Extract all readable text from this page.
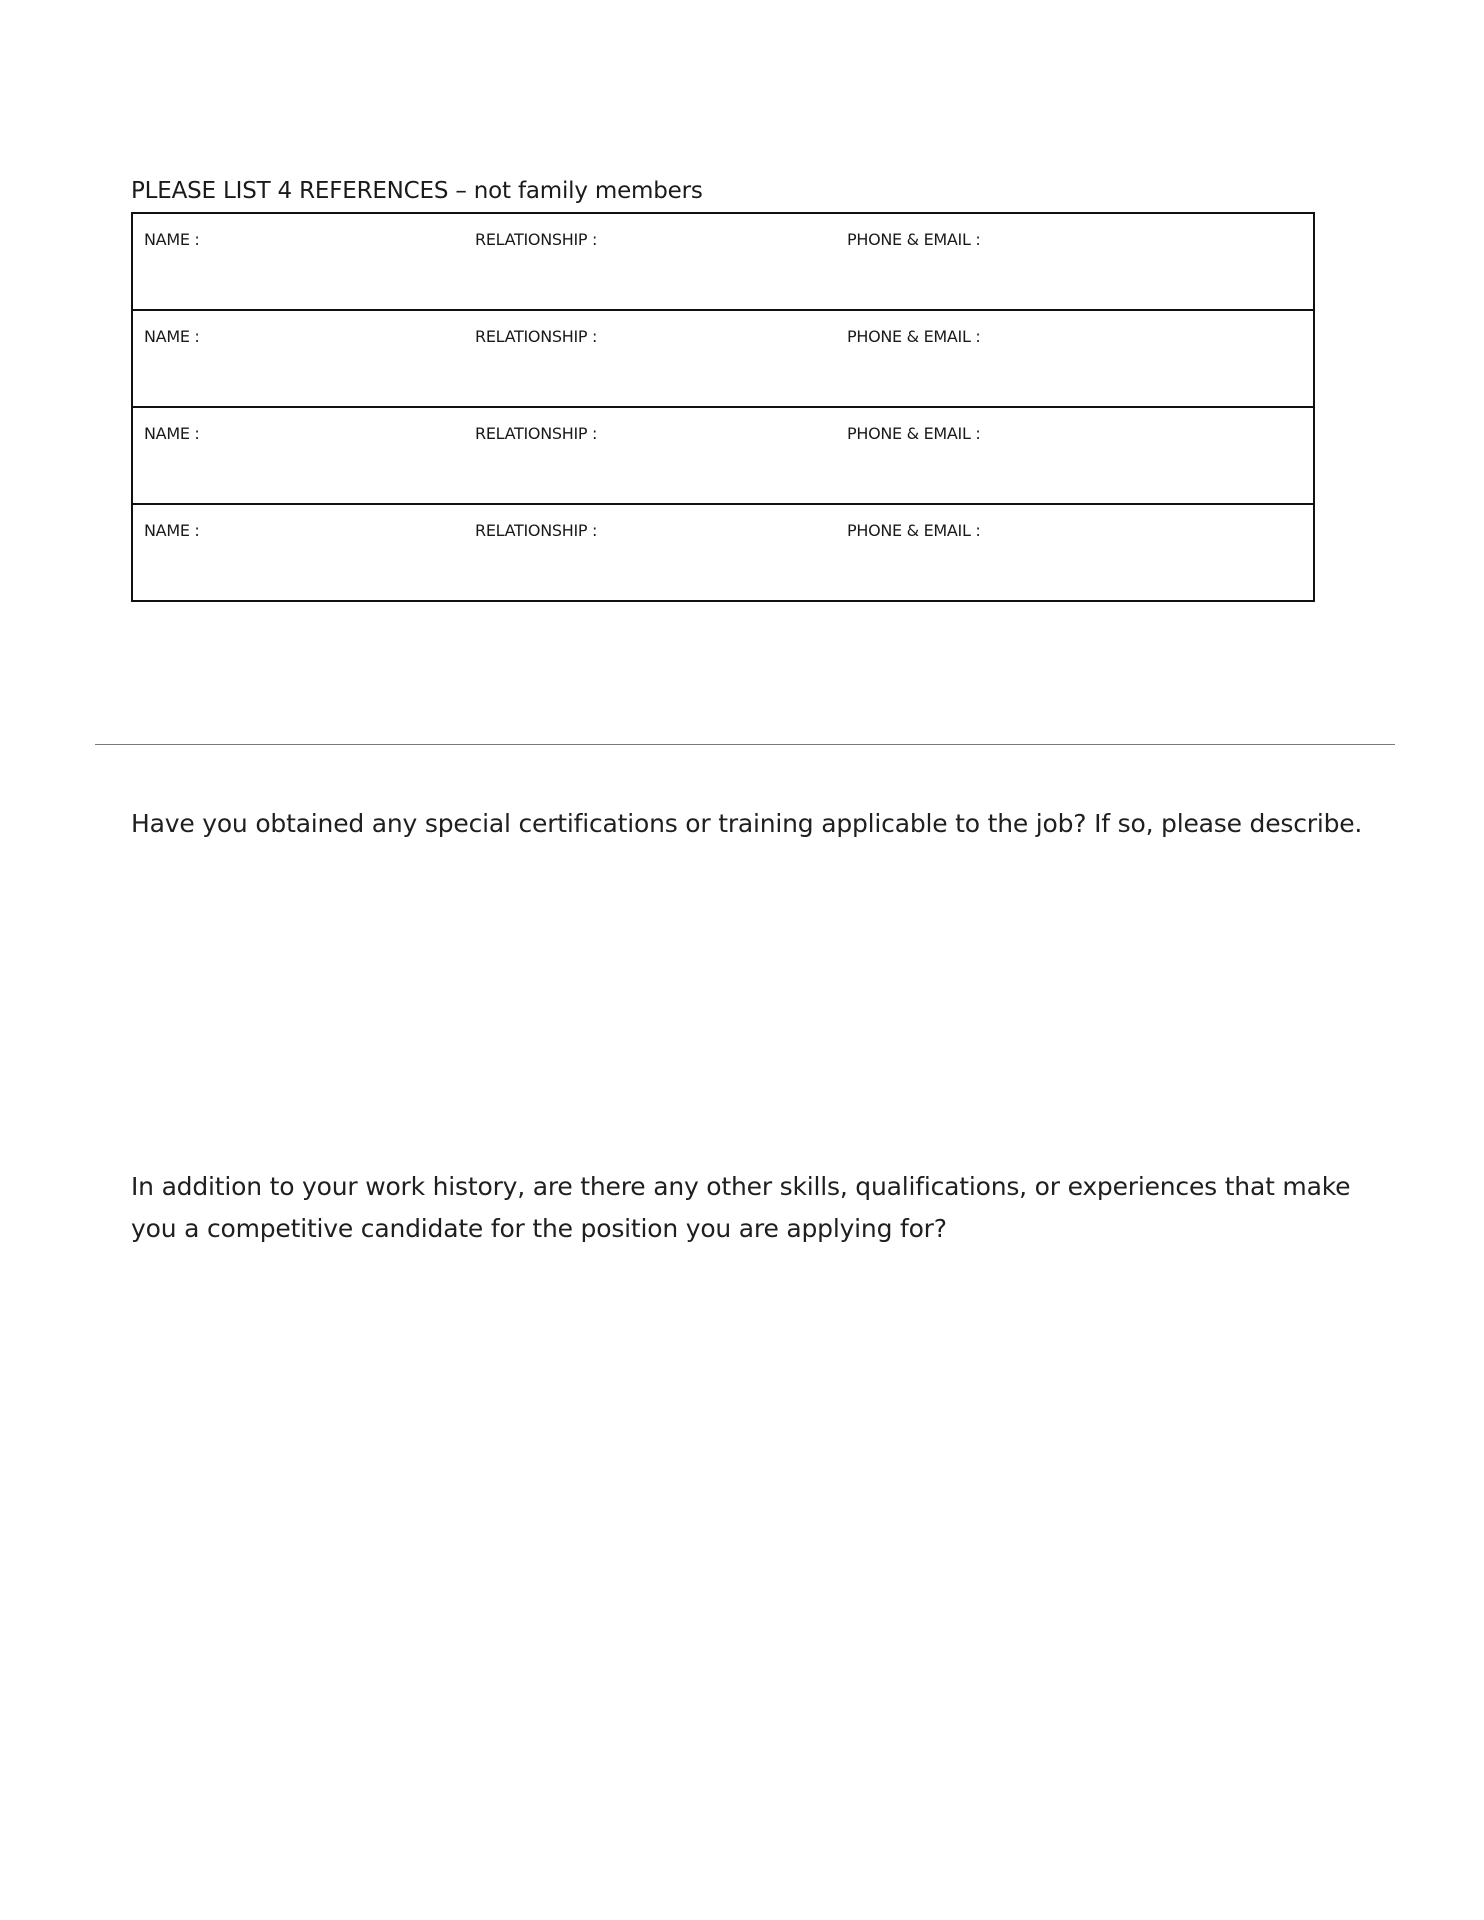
PLEASE LIST 4 REFERENCES – not family members
NAME :	RELATIONSHIP :	PHONE & EMAIL :
NAME :	RELATIONSHIP :	PHONE & EMAIL :
NAME :	RELATIONSHIP :	PHONE & EMAIL :
NAME :	RELATIONSHIP :	PHONE & EMAIL :
Have you obtained any special certifications or training applicable to the job? If so, please describe.
In addition to your work history, are there any other skills, qualifications, or experiences that make you a competitive candidate for the position you are applying for?
